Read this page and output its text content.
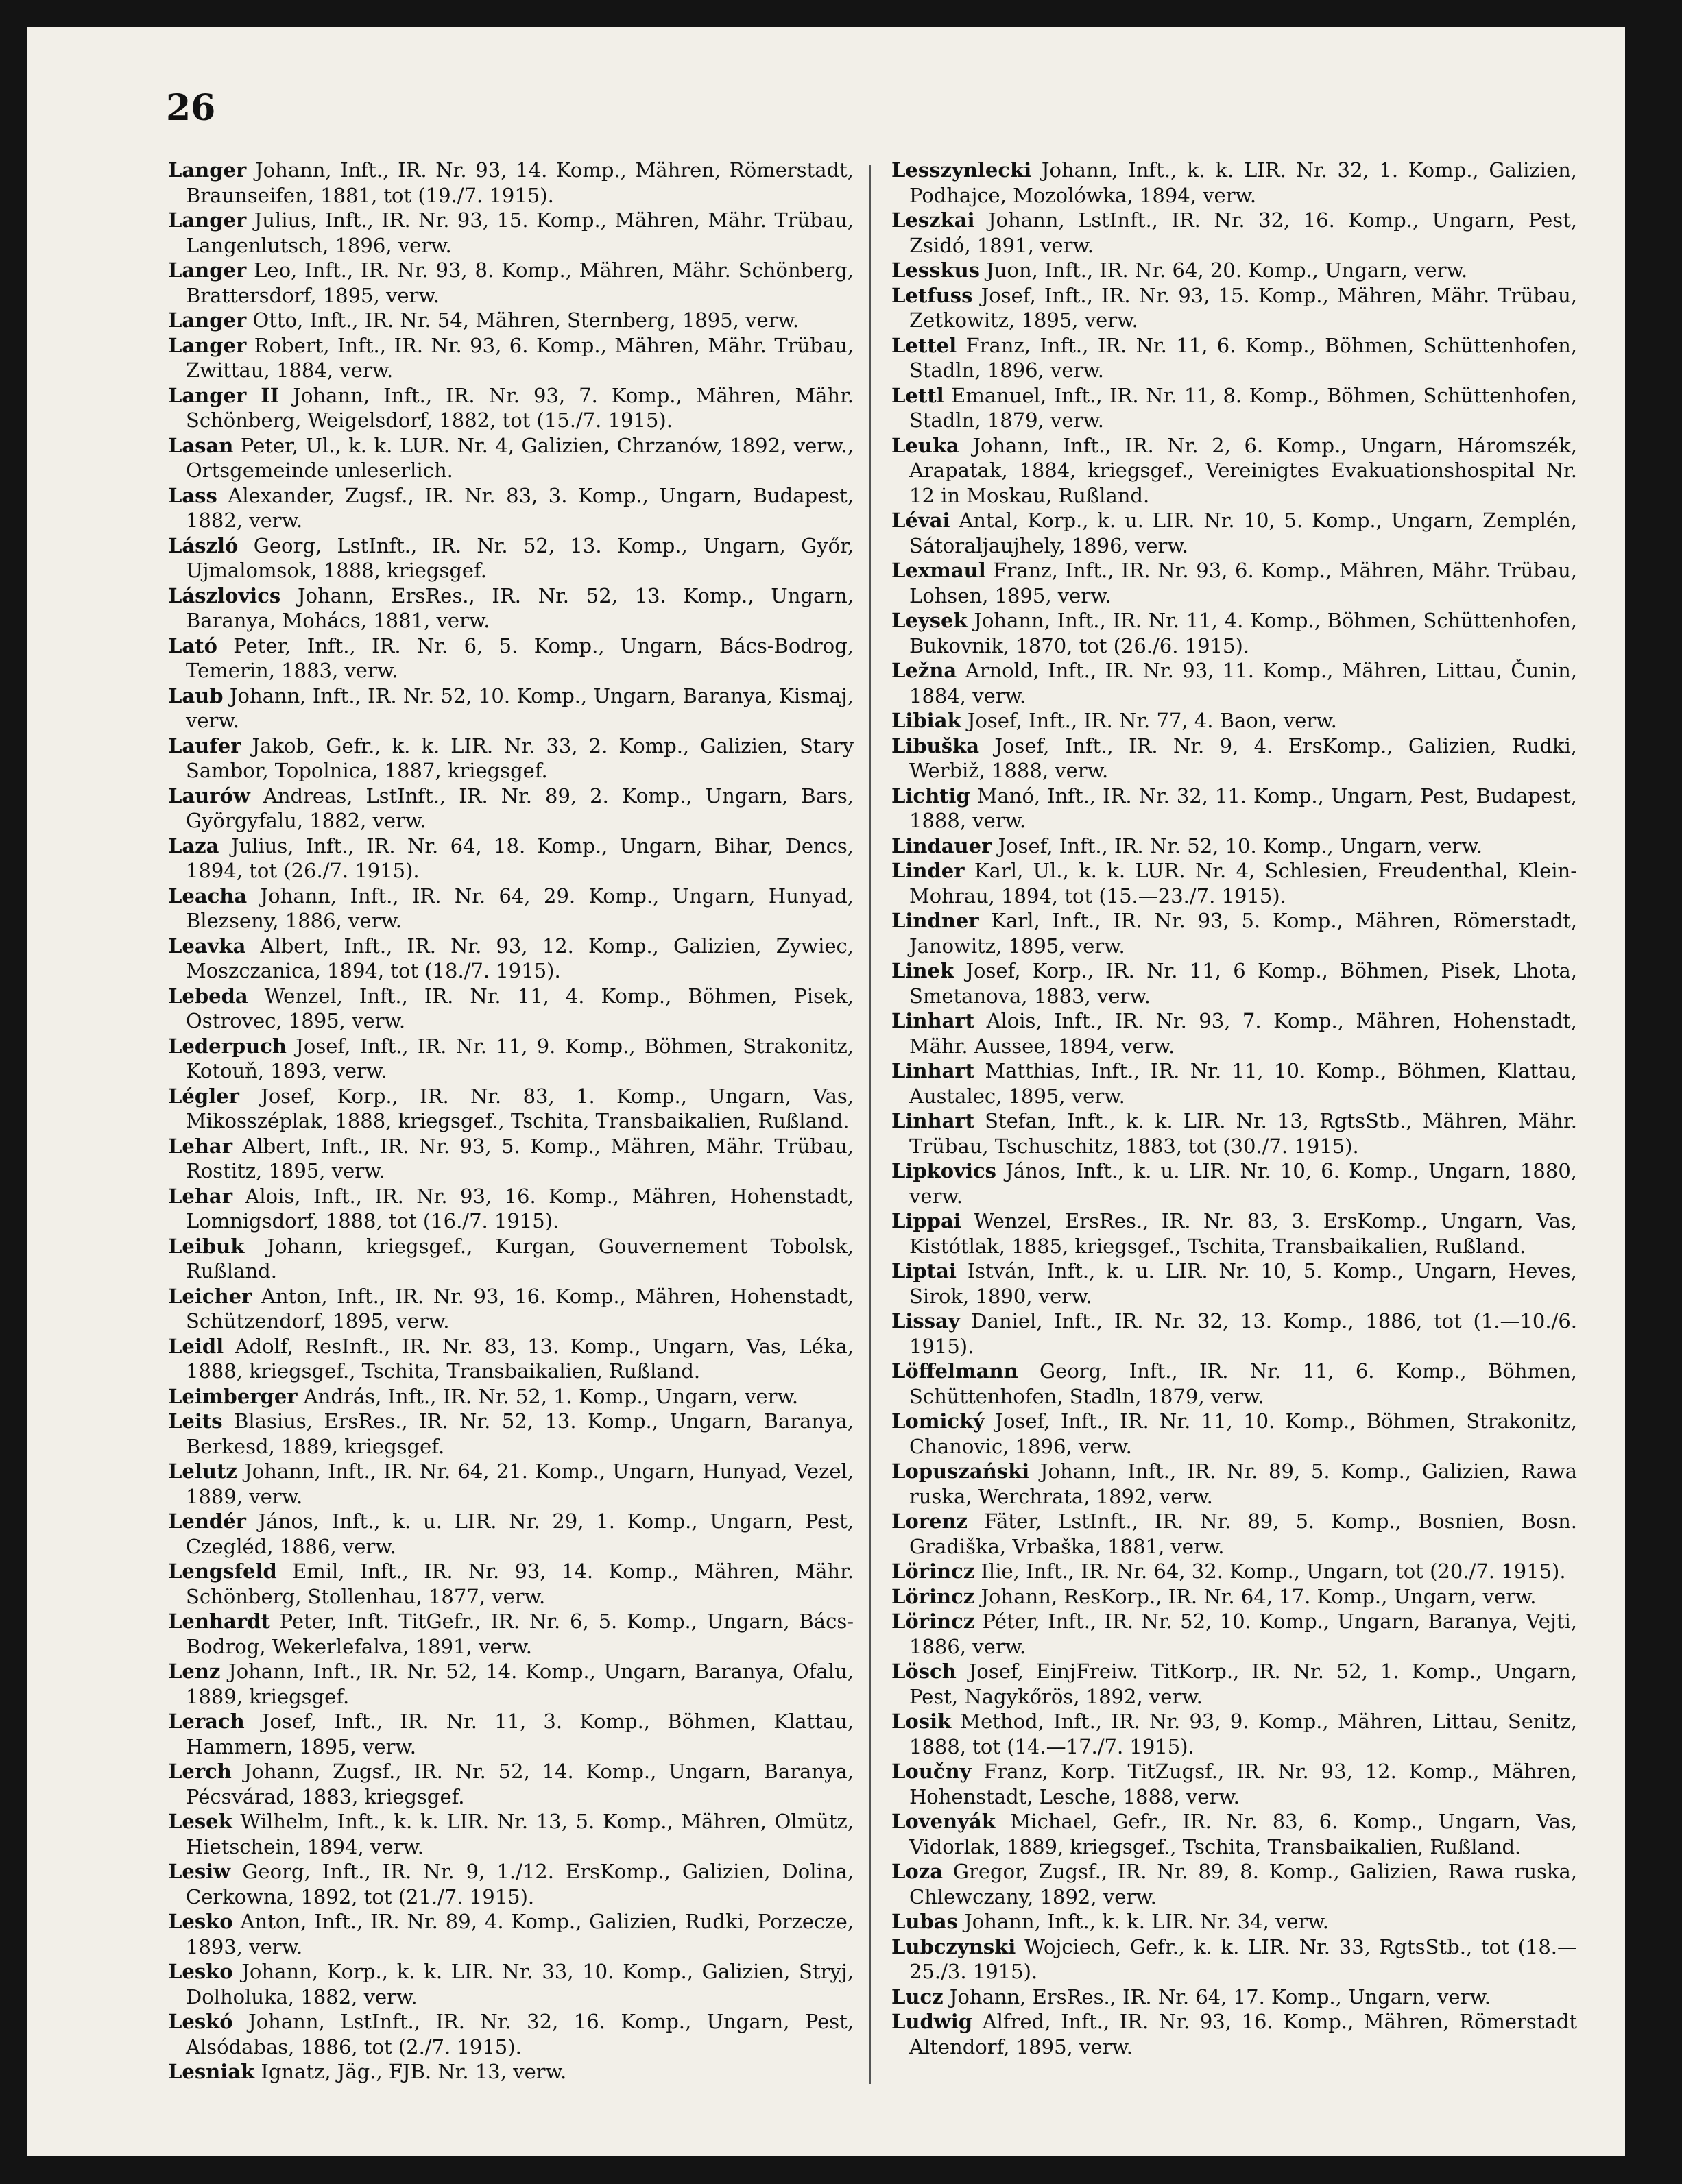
26
Langer Johann, Inft., IR. Nr. 93, 14. Komp., Mähren, Römerstadt, Braunseifen, 1881, tot (19./7. 1915).
Langer Julius, Inft., IR. Nr. 93, 15. Komp., Mähren, Mähr. Trübau, Langenlutsch, 1896, verw.
Langer Leo, Inft., IR. Nr. 93, 8. Komp., Mähren, Mähr. Schönberg, Brattersdorf, 1895, verw.
Langer Otto, Inft., IR. Nr. 54, Mähren, Sternberg, 1895, verw.
Langer Robert, Inft., IR. Nr. 93, 6. Komp., Mähren, Mähr. Trübau, Zwittau, 1884, verw.
Langer II Johann, Inft., IR. Nr. 93, 7. Komp., Mähren, Mähr. Schönberg, Weigelsdorf, 1882, tot (15./7. 1915).
Lasan Peter, Ul., k. k. LUR. Nr. 4, Galizien, Chrzanów, 1892, verw., Ortsgemeinde unleserlich.
Lass Alexander, Zugsf., IR. Nr. 83, 3. Komp., Ungarn, Budapest, 1882, verw.
László Georg, LstInft., IR. Nr. 52, 13. Komp., Ungarn, Győr, Ujmalomsok, 1888, kriegsgef.
Lászlovics Johann, ErsRes., IR. Nr. 52, 13. Komp., Ungarn, Baranya, Mohács, 1881, verw.
Lató Peter, Inft., IR. Nr. 6, 5. Komp., Ungarn, Bács-Bodrog, Temerin, 1883, verw.
Laub Johann, Inft., IR. Nr. 52, 10. Komp., Ungarn, Baranya, Kismaj, verw.
Laufer Jakob, Gefr., k. k. LIR. Nr. 33, 2. Komp., Galizien, Stary Sambor, Topolnica, 1887, kriegsgef.
Laurów Andreas, LstInft., IR. Nr. 89, 2. Komp., Ungarn, Bars, Györgyfalu, 1882, verw.
Laza Julius, Inft., IR. Nr. 64, 18. Komp., Ungarn, Bihar, Dencs, 1894, tot (26./7. 1915).
Leacha Johann, Inft., IR. Nr. 64, 29. Komp., Ungarn, Hunyad, Blezseny, 1886, verw.
Leavka Albert, Inft., IR. Nr. 93, 12. Komp., Galizien, Zywiec, Moszczanica, 1894, tot (18./7. 1915).
Lebeda Wenzel, Inft., IR. Nr. 11, 4. Komp., Böhmen, Pisek, Ostrovec, 1895, verw.
Lederpuch Josef, Inft., IR. Nr. 11, 9. Komp., Böhmen, Strakonitz, Kotouň, 1893, verw.
Légler Josef, Korp., IR. Nr. 83, 1. Komp., Ungarn, Vas, Mikosszéplak, 1888, kriegsgef., Tschita, Transbaikalien, Rußland.
Lehar Albert, Inft., IR. Nr. 93, 5. Komp., Mähren, Mähr. Trübau, Rostitz, 1895, verw.
Lehar Alois, Inft., IR. Nr. 93, 16. Komp., Mähren, Hohenstadt, Lomnigsdorf, 1888, tot (16./7. 1915).
Leibuk Johann, kriegsgef., Kurgan, Gouvernement Tobolsk, Rußland.
Leicher Anton, Inft., IR. Nr. 93, 16. Komp., Mähren, Hohenstadt, Schützendorf, 1895, verw.
Leidl Adolf, ResInft., IR. Nr. 83, 13. Komp., Ungarn, Vas, Léka, 1888, kriegsgef., Tschita, Transbaikalien, Rußland.
Leimberger András, Inft., IR. Nr. 52, 1. Komp., Ungarn, verw.
Leits Blasius, ErsRes., IR. Nr. 52, 13. Komp., Ungarn, Baranya, Berkesd, 1889, kriegsgef.
Lelutz Johann, Inft., IR. Nr. 64, 21. Komp., Ungarn, Hunyad, Vezel, 1889, verw.
Lendér János, Inft., k. u. LIR. Nr. 29, 1. Komp., Ungarn, Pest, Czegléd, 1886, verw.
Lengsfeld Emil, Inft., IR. Nr. 93, 14. Komp., Mähren, Mähr. Schönberg, Stollenhau, 1877, verw.
Lenhardt Peter, Inft. TitGefr., IR. Nr. 6, 5. Komp., Ungarn, Bács-Bodrog, Wekerlefalva, 1891, verw.
Lenz Johann, Inft., IR. Nr. 52, 14. Komp., Ungarn, Baranya, Ofalu, 1889, kriegsgef.
Lerach Josef, Inft., IR. Nr. 11, 3. Komp., Böhmen, Klattau, Hammern, 1895, verw.
Lerch Johann, Zugsf., IR. Nr. 52, 14. Komp., Ungarn, Baranya, Pécsvárad, 1883, kriegsgef.
Lesek Wilhelm, Inft., k. k. LIR. Nr. 13, 5. Komp., Mähren, Olmütz, Hietschein, 1894, verw.
Lesiw Georg, Inft., IR. Nr. 9, 1./12. ErsKomp., Galizien, Dolina, Cerkowna, 1892, tot (21./7. 1915).
Lesko Anton, Inft., IR. Nr. 89, 4. Komp., Galizien, Rudki, Porzecze, 1893, verw.
Lesko Johann, Korp., k. k. LIR. Nr. 33, 10. Komp., Galizien, Stryj, Dolholuka, 1882, verw.
Leskó Johann, LstInft., IR. Nr. 32, 16. Komp., Ungarn, Pest, Alsódabas, 1886, tot (2./7. 1915).
Lesniak Ignatz, Jäg., FJB. Nr. 13, verw.
Lesszynlecki Johann, Inft., k. k. LIR. Nr. 32, 1. Komp., Galizien, Podhajce, Mozolówka, 1894, verw.
Leszkai Johann, LstInft., IR. Nr. 32, 16. Komp., Ungarn, Pest, Zsidó, 1891, verw.
Lesskus Juon, Inft., IR. Nr. 64, 20. Komp., Ungarn, verw.
Letfuss Josef, Inft., IR. Nr. 93, 15. Komp., Mähren, Mähr. Trübau, Zetkowitz, 1895, verw.
Lettel Franz, Inft., IR. Nr. 11, 6. Komp., Böhmen, Schüttenhofen, Stadln, 1896, verw.
Lettl Emanuel, Inft., IR. Nr. 11, 8. Komp., Böhmen, Schüttenhofen, Stadln, 1879, verw.
Leuka Johann, Inft., IR. Nr. 2, 6. Komp., Ungarn, Háromszék, Arapatak, 1884, kriegsgef., Vereinigtes Evakuationshospital Nr. 12 in Moskau, Rußland.
Lévai Antal, Korp., k. u. LIR. Nr. 10, 5. Komp., Ungarn, Zemplén, Sátoraljaujhely, 1896, verw.
Lexmaul Franz, Inft., IR. Nr. 93, 6. Komp., Mähren, Mähr. Trübau, Lohsen, 1895, verw.
Leysek Johann, Inft., IR. Nr. 11, 4. Komp., Böhmen, Schüttenhofen, Bukovnik, 1870, tot (26./6. 1915).
Ležna Arnold, Inft., IR. Nr. 93, 11. Komp., Mähren, Littau, Čunin, 1884, verw.
Libiak Josef, Inft., IR. Nr. 77, 4. Baon, verw.
Libuška Josef, Inft., IR. Nr. 9, 4. ErsKomp., Galizien, Rudki, Werbiž, 1888, verw.
Lichtig Manó, Inft., IR. Nr. 32, 11. Komp., Ungarn, Pest, Budapest, 1888, verw.
Lindauer Josef, Inft., IR. Nr. 52, 10. Komp., Ungarn, verw.
Linder Karl, Ul., k. k. LUR. Nr. 4, Schlesien, Freudenthal, Klein-Mohrau, 1894, tot (15.—23./7. 1915).
Lindner Karl, Inft., IR. Nr. 93, 5. Komp., Mähren, Römerstadt, Janowitz, 1895, verw.
Linek Josef, Korp., IR. Nr. 11, 6 Komp., Böhmen, Pisek, Lhota, Smetanova, 1883, verw.
Linhart Alois, Inft., IR. Nr. 93, 7. Komp., Mähren, Hohenstadt, Mähr. Aussee, 1894, verw.
Linhart Matthias, Inft., IR. Nr. 11, 10. Komp., Böhmen, Klattau, Austalec, 1895, verw.
Linhart Stefan, Inft., k. k. LIR. Nr. 13, RgtsStb., Mähren, Mähr. Trübau, Tschuschitz, 1883, tot (30./7. 1915).
Lipkovics János, Inft., k. u. LIR. Nr. 10, 6. Komp., Ungarn, 1880, verw.
Lippai Wenzel, ErsRes., IR. Nr. 83, 3. ErsKomp., Ungarn, Vas, Kistótlak, 1885, kriegsgef., Tschita, Transbaikalien, Rußland.
Liptai István, Inft., k. u. LIR. Nr. 10, 5. Komp., Ungarn, Heves, Sirok, 1890, verw.
Lissay Daniel, Inft., IR. Nr. 32, 13. Komp., 1886, tot (1.—10./6. 1915).
Löffelmann Georg, Inft., IR. Nr. 11, 6. Komp., Böhmen, Schüttenhofen, Stadln, 1879, verw.
Lomický Josef, Inft., IR. Nr. 11, 10. Komp., Böhmen, Strakonitz, Chanovic, 1896, verw.
Lopuszański Johann, Inft., IR. Nr. 89, 5. Komp., Galizien, Rawa ruska, Werchrata, 1892, verw.
Lorenz Fäter, LstInft., IR. Nr. 89, 5. Komp., Bosnien, Bosn. Gradiška, Vrbaška, 1881, verw.
Lörincz Ilie, Inft., IR. Nr. 64, 32. Komp., Ungarn, tot (20./7. 1915).
Lörincz Johann, ResKorp., IR. Nr. 64, 17. Komp., Ungarn, verw.
Lörincz Péter, Inft., IR. Nr. 52, 10. Komp., Ungarn, Baranya, Vejti, 1886, verw.
Lösch Josef, EinjFreiw. TitKorp., IR. Nr. 52, 1. Komp., Ungarn, Pest, Nagykőrös, 1892, verw.
Losik Method, Inft., IR. Nr. 93, 9. Komp., Mähren, Littau, Senitz, 1888, tot (14.—17./7. 1915).
Loučny Franz, Korp. TitZugsf., IR. Nr. 93, 12. Komp., Mähren, Hohenstadt, Lesche, 1888, verw.
Lovenyák Michael, Gefr., IR. Nr. 83, 6. Komp., Ungarn, Vas, Vidorlak, 1889, kriegsgef., Tschita, Transbaikalien, Rußland.
Loza Gregor, Zugsf., IR. Nr. 89, 8. Komp., Galizien, Rawa ruska, Chlewczany, 1892, verw.
Lubas Johann, Inft., k. k. LIR. Nr. 34, verw.
Lubczynski Wojciech, Gefr., k. k. LIR. Nr. 33, RgtsStb., tot (18.—25./3. 1915).
Lucz Johann, ErsRes., IR. Nr. 64, 17. Komp., Ungarn, verw.
Ludwig Alfred, Inft., IR. Nr. 93, 16. Komp., Mähren, Römerstadt Altendorf, 1895, verw.
